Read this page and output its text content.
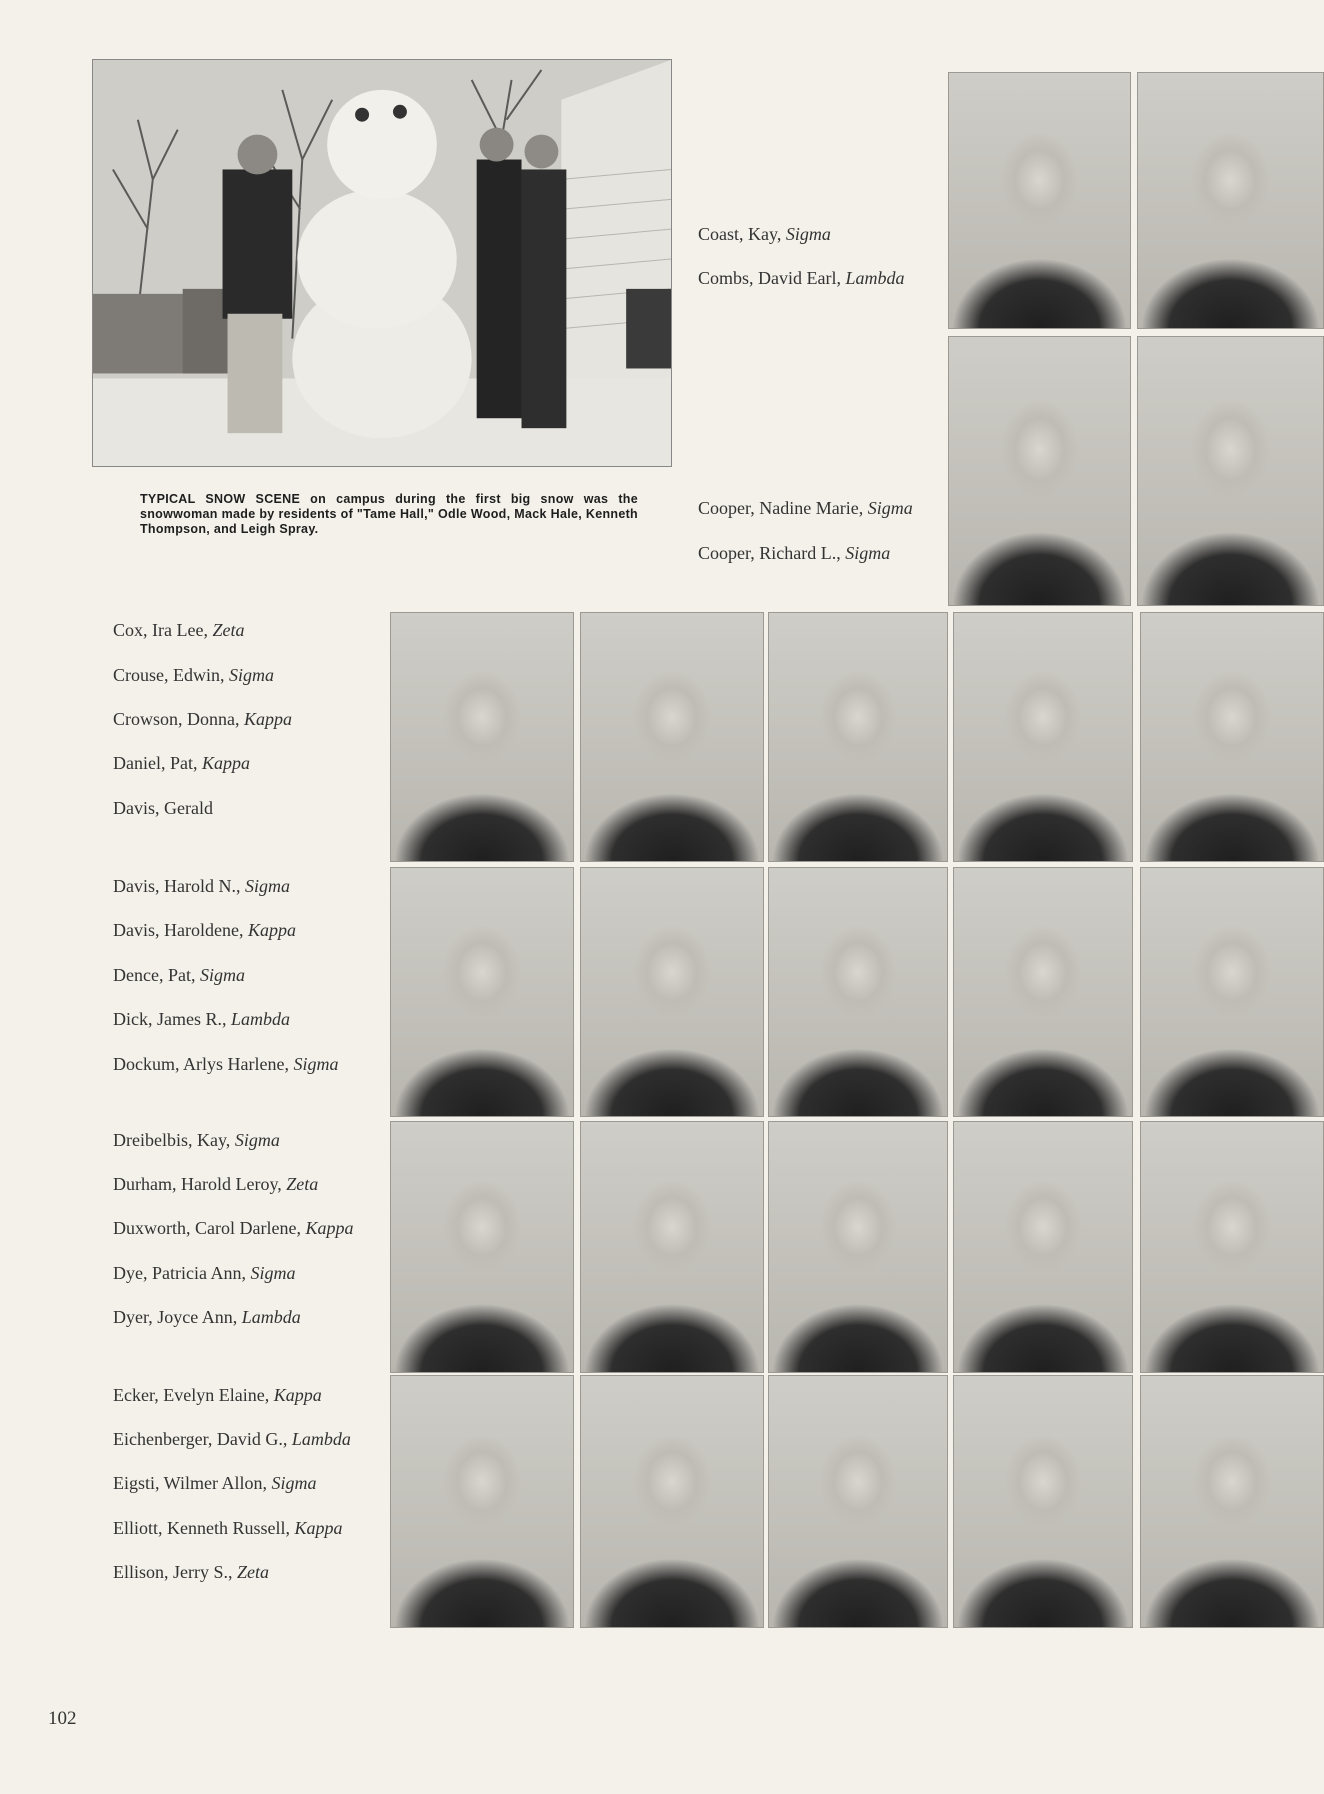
TYPICAL SNOW SCENE on campus during the first big snow was the snowwoman made by residents of "Tame Hall," Odle Wood, Mack Hale, Kenneth Thompson, and Leigh Spray.
Coast, Kay, Sigma
Combs, David Earl, Lambda
Cooper, Nadine Marie, Sigma
Cooper, Richard L., Sigma
Cox, Ira Lee, Zeta
Crouse, Edwin, Sigma
Crowson, Donna, Kappa
Daniel, Pat, Kappa
Davis, Gerald
Davis, Harold N., Sigma
Davis, Haroldene, Kappa
Dence, Pat, Sigma
Dick, James R., Lambda
Dockum, Arlys Harlene, Sigma
Dreibelbis, Kay, Sigma
Durham, Harold Leroy, Zeta
Duxworth, Carol Darlene, Kappa
Dye, Patricia Ann, Sigma
Dyer, Joyce Ann, Lambda
Ecker, Evelyn Elaine, Kappa
Eichenberger, David G., Lambda
Eigsti, Wilmer Allon, Sigma
Elliott, Kenneth Russell, Kappa
Ellison, Jerry S., Zeta
102
